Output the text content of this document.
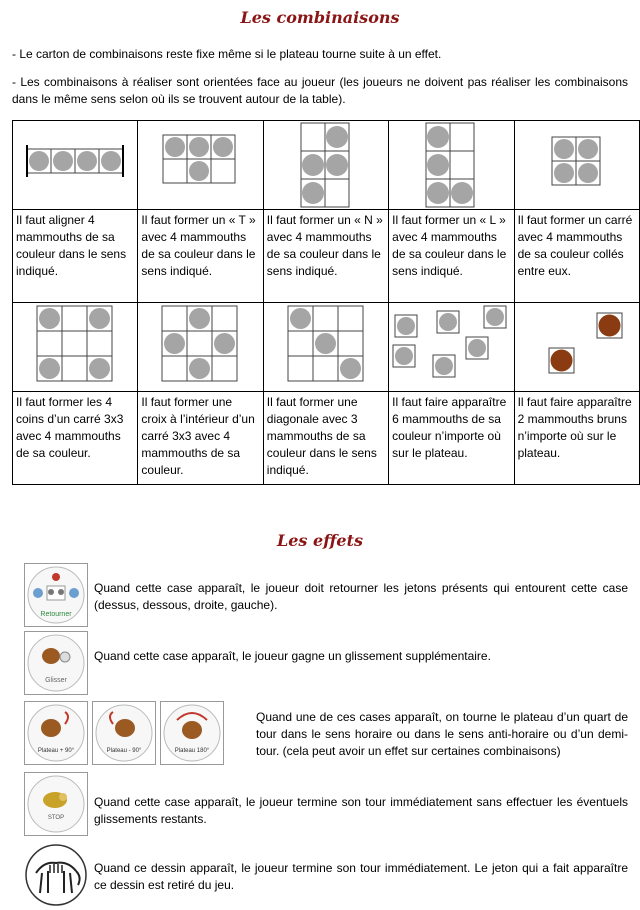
Les combinaisons
- Le carton de combinaisons reste fixe même si le plateau tourne suite à un effet.
- Les combinaisons à réaliser sont orientées face au joueur (les joueurs ne doivent pas réaliser les combinaisons dans le même sens selon où ils se trouvent autour de la table).

Il faut aligner 4 mammouths de sa couleur dans le sens indiqué.	Il faut former un « T » avec 4 mammouths de sa couleur dans le sens indiqué.	Il faut former un « N » avec 4 mammouths de sa couleur dans le sens indiqué.	Il faut former un « L » avec 4 mammouths de sa couleur dans le sens indiqué.	Il faut former un carré avec 4 mammouths de sa couleur collés entre eux.

Il faut former les 4 coins d’un carré 3x3 avec 4 mammouths de sa couleur.	Il faut former une croix à l’intérieur d’un carré 3x3 avec 4 mammouths de sa couleur.	Il faut former une diagonale avec 3 mammouths de sa couleur dans le sens indiqué.	Il faut faire apparaître 6 mammouths de sa couleur n’importe où sur le plateau.	Il faut faire apparaître 2 mammouths bruns n’importe où sur le plateau.
Les effets
Retourner
Quand cette case apparaît, le joueur doit retourner les jetons présents qui entourent cette case (dessus, dessous, droite, gauche).
Glisser
Quand cette case apparaît, le joueur gagne un glissement supplémentaire.
Plateau + 90°	Plateau - 90°	Plateau 180°
Quand une de ces cases apparaît, on tourne le plateau d’un quart de tour dans le sens horaire ou dans le sens anti-horaire ou d’un demi-tour. (cela peut avoir un effet sur certaines combinaisons)
STOP
Quand cette case apparaît, le joueur termine son tour immédiatement sans effectuer les éventuels glissements restants.
Quand ce dessin apparaît, le joueur termine son tour immédiatement. Le jeton qui a fait apparaître ce dessin est retiré du jeu.
